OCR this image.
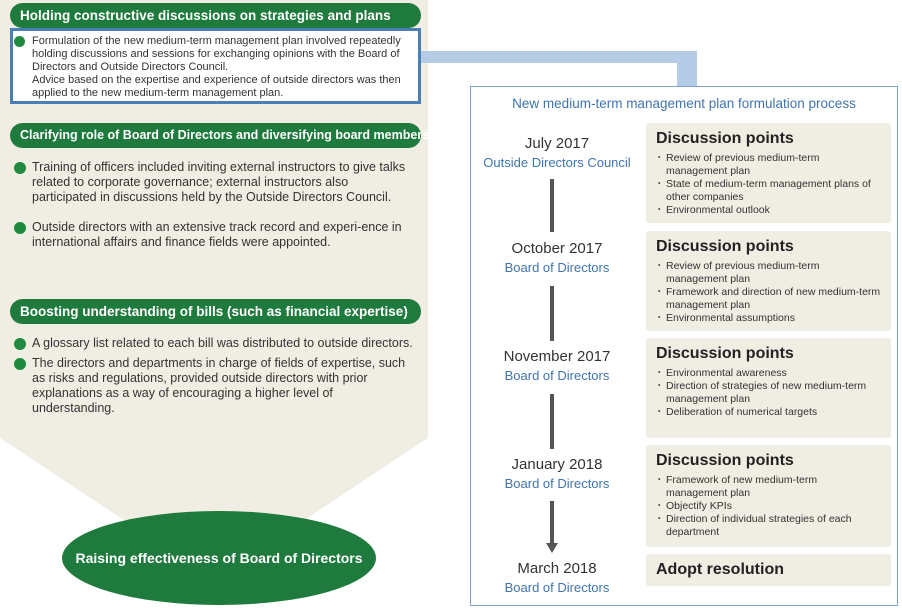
Holding constructive discussions on strategies and plans
Formulation of the new medium-term management plan involved repeatedly holding discussions and sessions for exchanging opinions with the Board of Directors and Outside Directors Council.
Advice based on the expertise and experience of outside directors was then applied to the new medium-term management plan.
Clarifying role of Board of Directors and diversifying board members
Training of officers included inviting external instructors to give talks related to corporate governance; external instructors also participated in discussions held by the Outside Directors Council.
Outside directors with an extensive track record and experi-ence in international affairs and finance fields were appointed.
Boosting understanding of bills (such as financial expertise)
A glossary list related to each bill was distributed to outside directors.
The directors and departments in charge of fields of expertise, such as risks and regulations, provided outside directors with prior explanations as a way of encouraging a higher level of understanding.
Raising effectiveness of Board of Directors
New medium-term management plan formulation process
July 2017
Outside Directors Council
Discussion points
・ Review of previous medium-term management plan
・ State of medium-term management plans of other companies
・ Environmental outlook
October 2017
Board of Directors
Discussion points
・ Review of previous medium-term management plan
・ Framework and direction of new medium-term management plan
・ Environmental assumptions
November 2017
Board of Directors
Discussion points
・ Environmental awareness
・ Direction of strategies of new medium-term management plan
・ Deliberation of numerical targets
January 2018
Board of Directors
Discussion points
・ Framework of new medium-term management plan
・ Objectify KPIs
・ Direction of individual strategies of each department
March 2018
Board of Directors
Adopt resolution
